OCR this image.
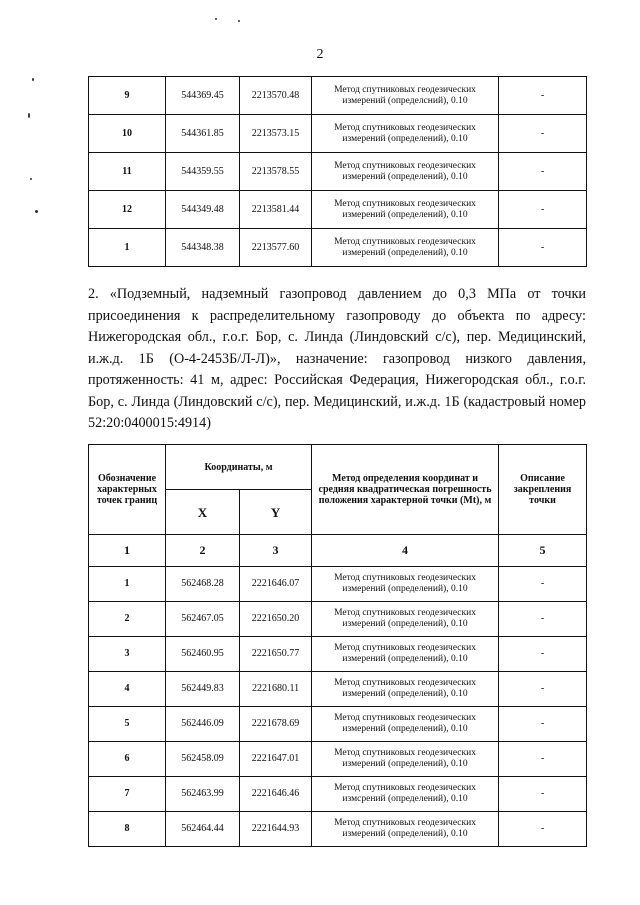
2
9	544369.45	2213570.48	Метод спутниковых геодезических измерений (определсний), 0.10	-
10	544361.85	2213573.15	Метод спутниковых геодезических измерений (определений), 0.10	-
11	544359.55	2213578.55	Метод спутниковых геодезических измерений (определений), 0.10	-
12	544349.48	2213581.44	Метод спутниковых геодезических измерений (определений), 0.10	-
1	544348.38	2213577.60	Метод спутниковых геодезических измерений (определений), 0.10	-
2. «Подземный, надземный газопровод давлением до 0,3 МПа от точки присоединения к распределительному газопроводу до объекта по адресу: Нижегородская обл., г.о.г. Бор, с. Линда (Линдовский с/с), пер. Медицинский, и.ж.д. 1Б (О-4-2453Б/Л-Л)», назначение: газопровод низкого давления, протяженность: 41 м, адрес: Российская Федерация, Нижегородская обл., г.о.г. Бор, с. Линда (Линдовский с/с), пер. Медицинский, и.ж.д. 1Б (кадастровый номер 52:20:0400015:4914)
Обозначение характерных точек границ	Координаты, м		Метод определения координат и средняя квадратическая погрешность положения характерной точки (Mt), м	Описание закрепления точки
	X	Y		
1	2	3	4	5
1	562468.28	2221646.07	Метод спутниковых геодезических измерений (определений), 0.10	-
2	562467.05	2221650.20	Метод спутниковых геодезических измерений (определений), 0.10	-
3	562460.95	2221650.77	Метод спутниковых геодезических измерений (определений), 0.10	-
4	562449.83	2221680.11	Метод спутниковых геодезических измерений (определений), 0.10	-
5	562446.09	2221678.69	Метод спутниковых геодезических измерений (определений), 0.10	-
6	562458.09	2221647.01	Метод спутниковых геодезических измерений (определений), 0.10	-
7	562463.99	2221646.46	Метод спутниковых геодезических измсрений (определений), 0.10	-
8	562464.44	2221644.93	Метод спутниковых геодезических измерений (определений), 0.10	-
